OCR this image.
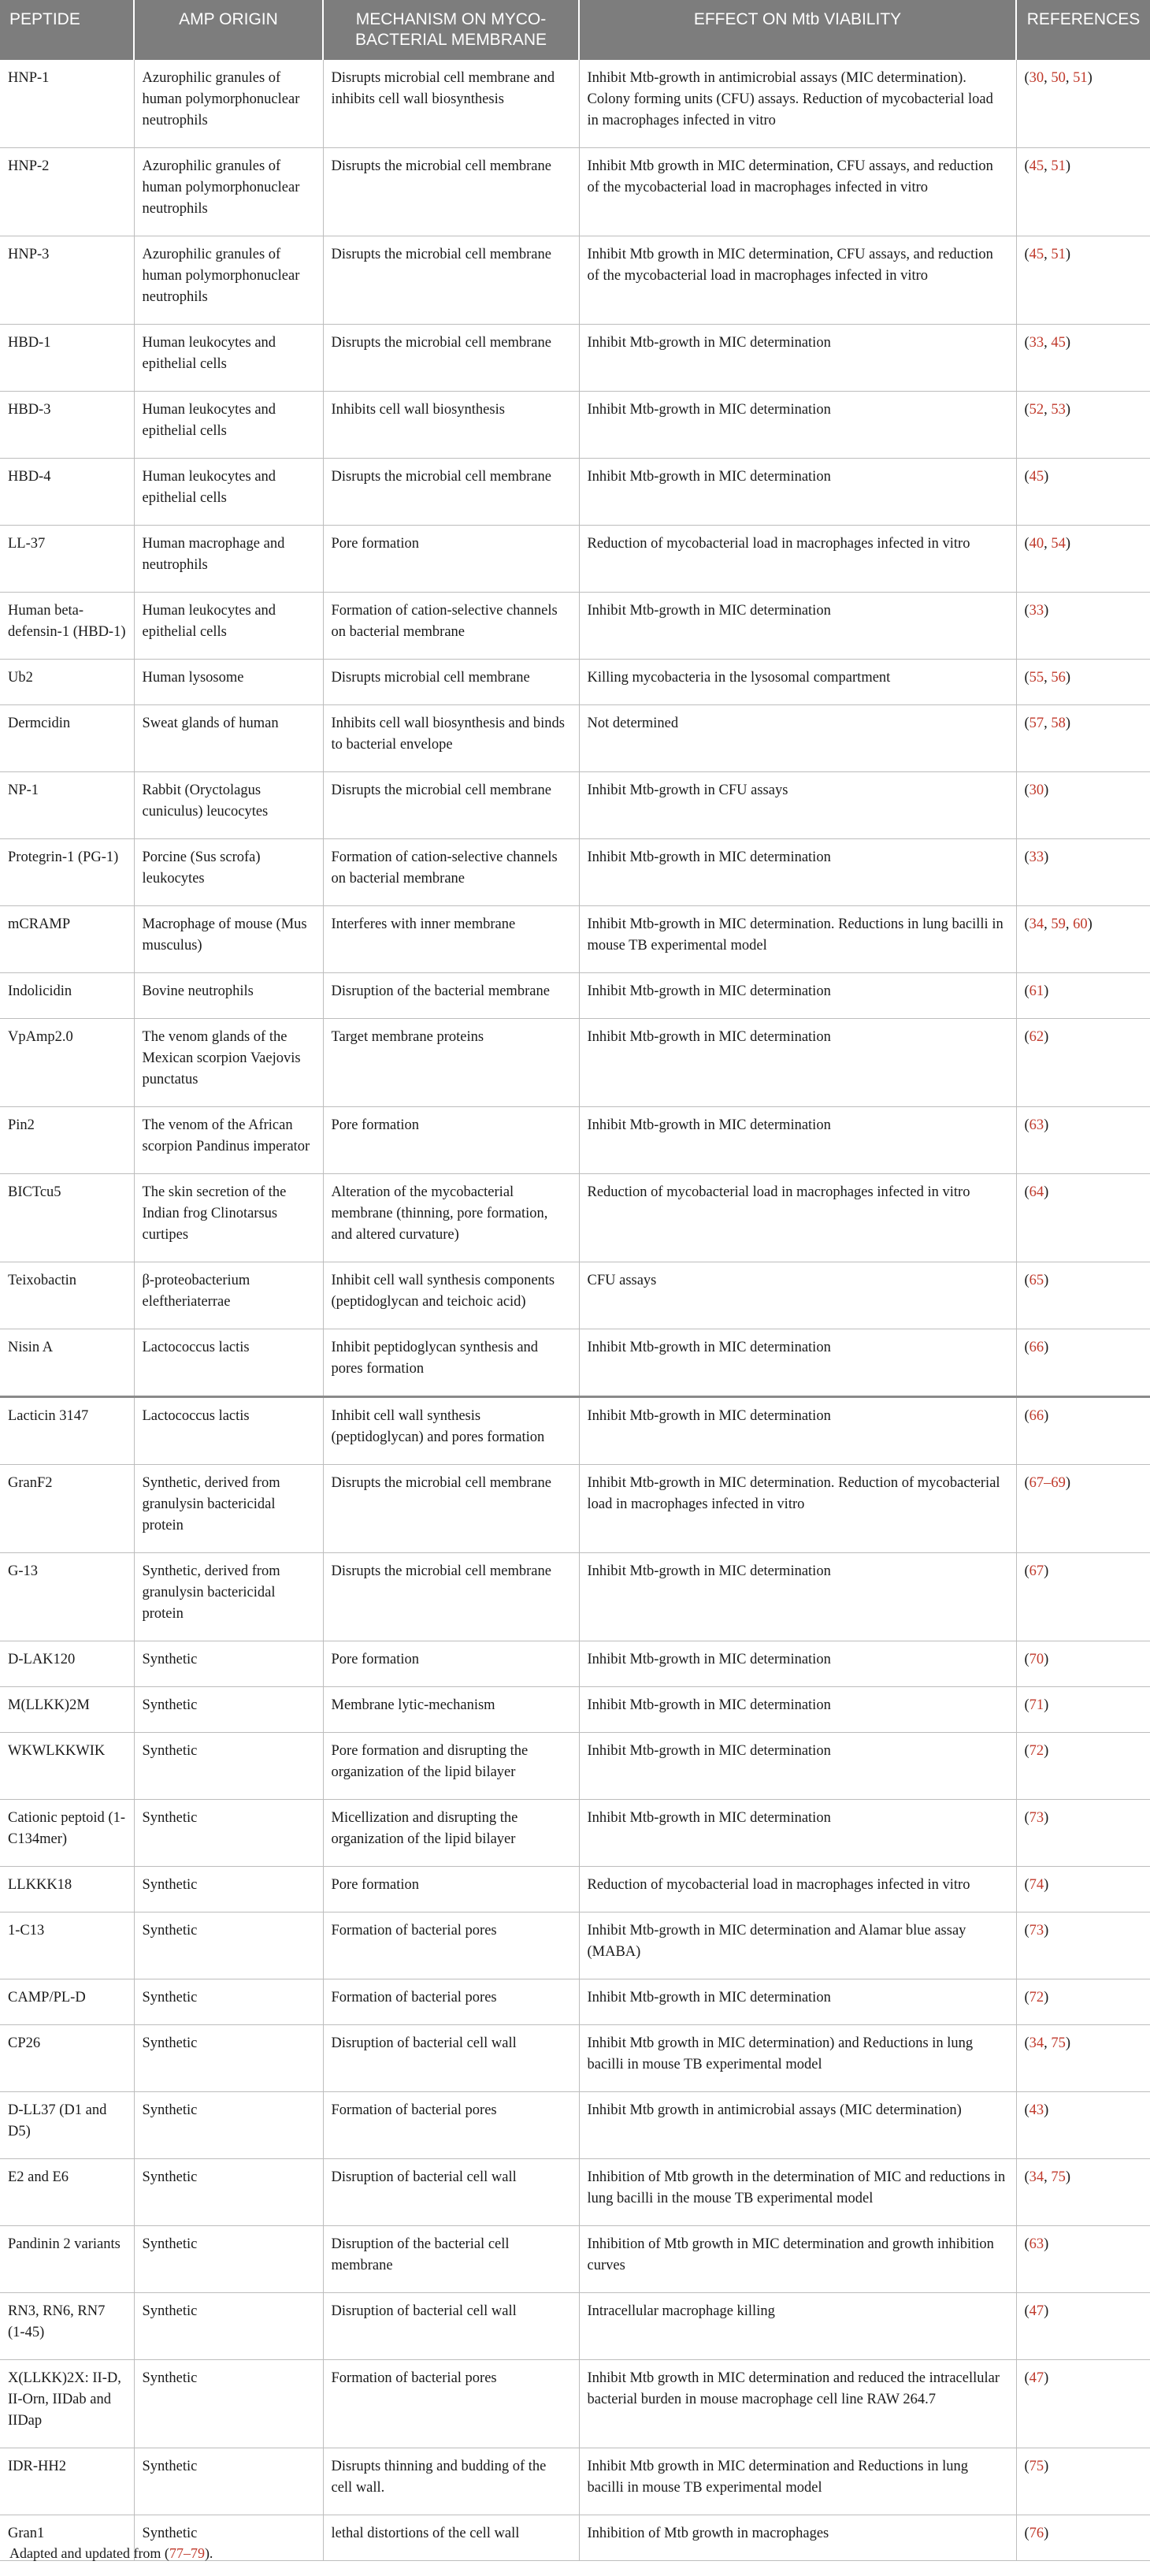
PEPTIDE	AMP ORIGIN	MECHANISM ON MYCO-BACTERIAL MEMBRANE	EFFECT ON Mtb VIABILITY	REFERENCES
HNP-1	Azurophilic granules of human polymorphonuclear neutrophils	Disrupts microbial cell membrane and inhibits cell wall biosynthesis	Inhibit Mtb-growth in antimicrobial assays (MIC determination). Colony forming units (CFU) assays. Reduction of mycobacterial load in macrophages infected in vitro	(30, 50, 51)
HNP-2	Azurophilic granules of human polymorphonuclear neutrophils	Disrupts the microbial cell membrane	Inhibit Mtb growth in MIC determination, CFU assays, and reduction of the mycobacterial load in macrophages infected in vitro	(45, 51)
HNP-3	Azurophilic granules of human polymorphonuclear neutrophils	Disrupts the microbial cell membrane	Inhibit Mtb growth in MIC determination, CFU assays, and reduction of the mycobacterial load in macrophages infected in vitro	(45, 51)
HBD-1	Human leukocytes and epithelial cells	Disrupts the microbial cell membrane	Inhibit Mtb-growth in MIC determination	(33, 45)
HBD-3	Human leukocytes and epithelial cells	Inhibits cell wall biosynthesis	Inhibit Mtb-growth in MIC determination	(52, 53)
HBD-4	Human leukocytes and epithelial cells	Disrupts the microbial cell membrane	Inhibit Mtb-growth in MIC determination	(45)
LL-37	Human macrophage and neutrophils	Pore formation	Reduction of mycobacterial load in macrophages infected in vitro	(40, 54)
Human beta-defensin-1 (HBD-1)	Human leukocytes and epithelial cells	Formation of cation-selective channels on bacterial membrane	Inhibit Mtb-growth in MIC determination	(33)
Ub2	Human lysosome	Disrupts microbial cell membrane	Killing mycobacteria in the lysosomal compartment	(55, 56)
Dermcidin	Sweat glands of human	Inhibits cell wall biosynthesis and binds to bacterial envelope	Not determined	(57, 58)
NP-1	Rabbit (Oryctolagus cuniculus) leucocytes	Disrupts the microbial cell membrane	Inhibit Mtb-growth in CFU assays	(30)
Protegrin-1 (PG-1)	Porcine (Sus scrofa) leukocytes	Formation of cation-selective channels on bacterial membrane	Inhibit Mtb-growth in MIC determination	(33)
mCRAMP	Macrophage of mouse (Mus musculus)	Interferes with inner membrane	Inhibit Mtb-growth in MIC determination. Reductions in lung bacilli in mouse TB experimental model	(34, 59, 60)
Indolicidin	Bovine neutrophils	Disruption of the bacterial membrane	Inhibit Mtb-growth in MIC determination	(61)
VpAmp2.0	The venom glands of the Mexican scorpion Vaejovis punctatus	Target membrane proteins	Inhibit Mtb-growth in MIC determination	(62)
Pin2	The venom of the African scorpion Pandinus imperator	Pore formation	Inhibit Mtb-growth in MIC determination	(63)
BICTcu5	The skin secretion of the Indian frog Clinotarsus curtipes	Alteration of the mycobacterial membrane (thinning, pore formation, and altered curvature)	Reduction of mycobacterial load in macrophages infected in vitro	(64)
Teixobactin	β-proteobacterium eleftheriaterrae	Inhibit cell wall synthesis components (peptidoglycan and teichoic acid)	CFU assays	(65)
Nisin A	Lactococcus lactis	Inhibit peptidoglycan synthesis and pores formation	Inhibit Mtb-growth in MIC determination	(66)
Lacticin 3147	Lactococcus lactis	Inhibit cell wall synthesis (peptidoglycan) and pores formation	Inhibit Mtb-growth in MIC determination	(66)
GranF2	Synthetic, derived from granulysin bactericidal protein	Disrupts the microbial cell membrane	Inhibit Mtb-growth in MIC determination. Reduction of mycobacterial load in macrophages infected in vitro	(67–69)
G-13	Synthetic, derived from granulysin bactericidal protein	Disrupts the microbial cell membrane	Inhibit Mtb-growth in MIC determination	(67)
D-LAK120	Synthetic	Pore formation	Inhibit Mtb-growth in MIC determination	(70)
M(LLKK)2M	Synthetic	Membrane lytic-mechanism	Inhibit Mtb-growth in MIC determination	(71)
WKWLKKWIK	Synthetic	Pore formation and disrupting the organization of the lipid bilayer	Inhibit Mtb-growth in MIC determination	(72)
Cationic peptoid (1-C134mer)	Synthetic	Micellization and disrupting the organization of the lipid bilayer	Inhibit Mtb-growth in MIC determination	(73)
LLKKK18	Synthetic	Pore formation	Reduction of mycobacterial load in macrophages infected in vitro	(74)
1-C13	Synthetic	Formation of bacterial pores	Inhibit Mtb-growth in MIC determination and Alamar blue assay (MABA)	(73)
CAMP/PL-D	Synthetic	Formation of bacterial pores	Inhibit Mtb-growth in MIC determination	(72)
CP26	Synthetic	Disruption of bacterial cell wall	Inhibit Mtb growth in MIC determination) and Reductions in lung bacilli in mouse TB experimental model	(34, 75)
D-LL37 (D1 and D5)	Synthetic	Formation of bacterial pores	Inhibit Mtb growth in antimicrobial assays (MIC determination)	(43)
E2 and E6	Synthetic	Disruption of bacterial cell wall	Inhibition of Mtb growth in the determination of MIC and reductions in lung bacilli in the mouse TB experimental model	(34, 75)
Pandinin 2 variants	Synthetic	Disruption of the bacterial cell membrane	Inhibition of Mtb growth in MIC determination and growth inhibition curves	(63)
RN3, RN6, RN7 (1-45)	Synthetic	Disruption of bacterial cell wall	Intracellular macrophage killing	(47)
X(LLKK)2X: II-D, II-Orn, IIDab and IIDap	Synthetic	Formation of bacterial pores	Inhibit Mtb growth in MIC determination and reduced the intracellular bacterial burden in mouse macrophage cell line RAW 264.7	(47)
IDR-HH2	Synthetic	Disrupts thinning and budding of the cell wall.	Inhibit Mtb growth in MIC determination and Reductions in lung bacilli in mouse TB experimental model	(75)
Gran1	Synthetic	lethal distortions of the cell wall	Inhibition of Mtb growth in macrophages	(76)
Adapted and updated from (77–79).
